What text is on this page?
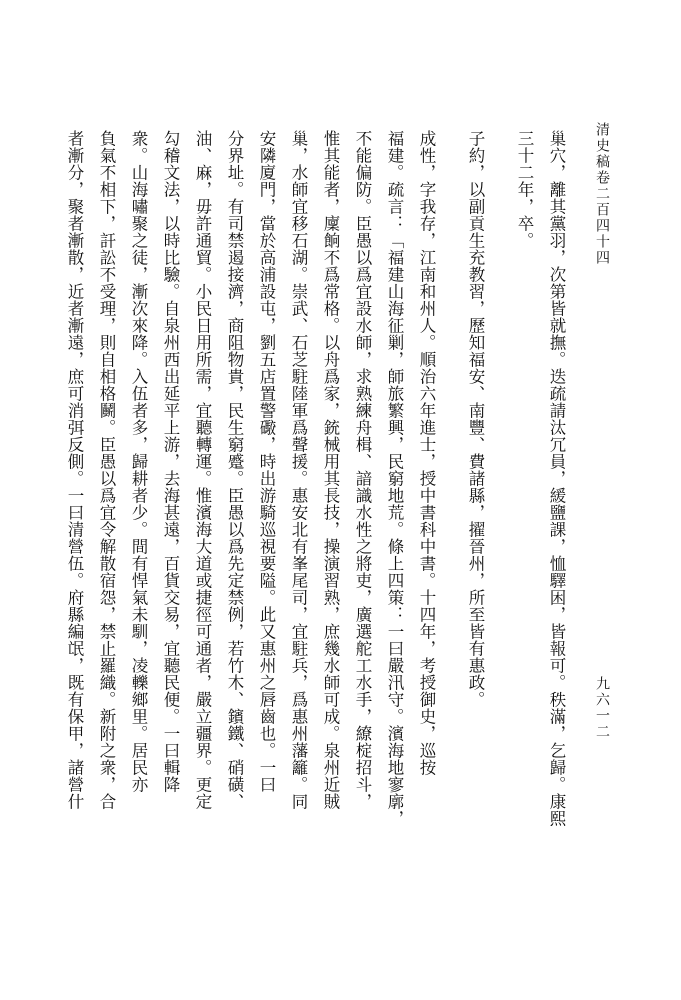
清史稿卷二百四十四
九六一二
巢穴，離其黨羽，次第皆就撫。迭疏請汰冗員，緩鹽課，恤驛困，皆報可。秩滿，乞歸。康熙
三十二年，卒。
子約，以副貢生充教習，歷知福安、南豐、費諸縣，擢晉州，所至皆有惠政。
成性，字我存，江南和州人。順治六年進士，授中書科中書。十四年，考授御史，巡按
福建。疏言：「福建山海征剿，師旅繁興，民窮地荒。條上四策：一曰嚴汛守。濱海地寥廓，
不能偏防。臣愚以爲宜設水師，求熟練舟楫、諳識水性之將吏，廣選舵工水手，繚椗招斗，
惟其能者，廩餉不爲常格。以舟爲家，銃械用其長技，操演習熟，庶幾水師可成。泉州近賊
巢，水師宜移石湖。崇武、石芝駐陸軍爲聲援。惠安北有峯尾司，宜駐兵，爲惠州藩籬。同
安隣廈門，當於高浦設屯，劉五店置警礮，時出游騎巡視要隘。此又惠州之唇齒也。一曰
分界址。有司禁遏接濟，商阻物貴，民生窮蹙。臣愚以爲先定禁例，若竹木、鑌鐵、硝磺、
油、麻，毋許通貿。小民日用所需，宜聽轉運。惟濱海大道或捷徑可通者，嚴立疆界。更定
勾稽文法，以時比驗。自泉州西出延平上游，去海甚遠，百貨交易，宜聽民便。一曰輯降
衆。山海嘯聚之徒，漸次來降。入伍者多，歸耕者少。間有悍氣未馴，凌轢鄉里。居民亦
負氣不相下，訐訟不受理，則自相格鬭。臣愚以爲宜令解散宿怨，禁止羅織。新附之衆，合
者漸分，聚者漸散，近者漸遠，庶可消弭反側。一曰清營伍。府縣編氓，既有保甲，諸營什
